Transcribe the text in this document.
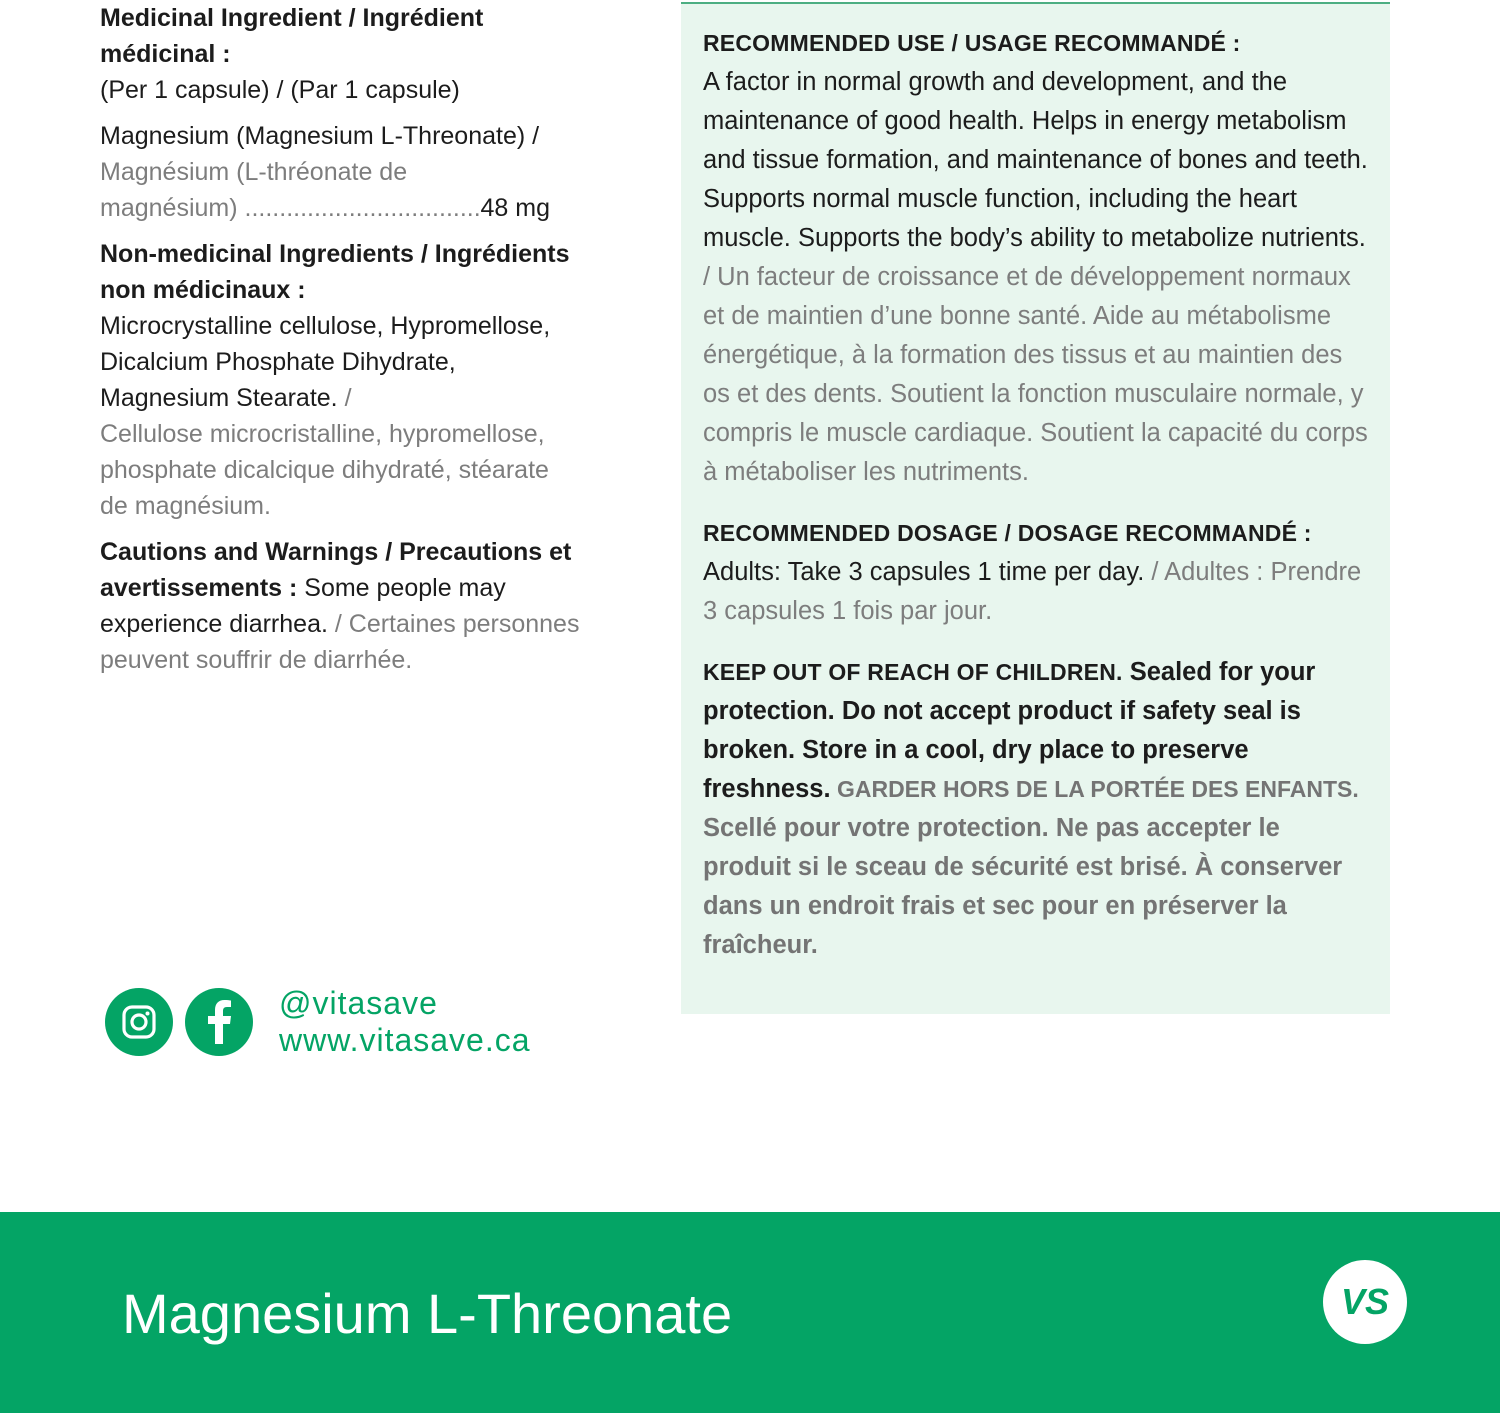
Medicinal Ingredient / Ingrédient médicinal :

(Per 1 capsule) / (Par 1 capsule)

Magnesium (Magnesium L-Threonate) /
Magnésium (L-thréonate de
magnésium) .....	48 mg

Non-medicinal Ingredients / Ingrédients non médicinaux :

Microcrystalline cellulose, Hypromellose, Dicalcium Phosphate Dihydrate, Magnesium Stearate. /
Cellulose microcristalline, hypromellose, phosphate dicalcique dihydraté, stéarate de magnésium.

Cautions and Warnings / Precautions et avertissements : Some people may experience diarrhea. / Certaines personnes peuvent souffrir de diarrhée.

RECOMMENDED USE / USAGE RECOMMANDÉ :

A factor in normal growth and development, and the maintenance of good health. Helps in energy metabolism and tissue formation, and maintenance of bones and teeth. Supports normal muscle function, including the heart muscle. Supports the body’s ability to metabolize nutrients. / Un facteur de croissance et de développement normaux et de maintien d’une bonne santé. Aide au métabolisme énergétique, à la formation des tissus et au maintien des os et des dents. Soutient la fonction musculaire normale, y compris le muscle cardiaque. Soutient la capacité du corps à métaboliser les nutriments.

RECOMMENDED DOSAGE / DOSAGE RECOMMANDÉ :

Adults: Take 3 capsules 1 time per day. / Adultes : Prendre 3 capsules 1 fois par jour.

KEEP OUT OF REACH OF CHILDREN. Sealed for your protection. Do not accept product if safety seal is broken. Store in a cool, dry place to preserve freshness. GARDER HORS DE LA PORTÉE DES ENFANTS. Scellé pour votre protection. Ne pas accepter le produit si le sceau de sécurité est brisé. À conserver dans un endroit frais et sec pour en préserver la fraîcheur.

@vitasave
www.vitasave.ca
Magnesium L-Threonate	VS
